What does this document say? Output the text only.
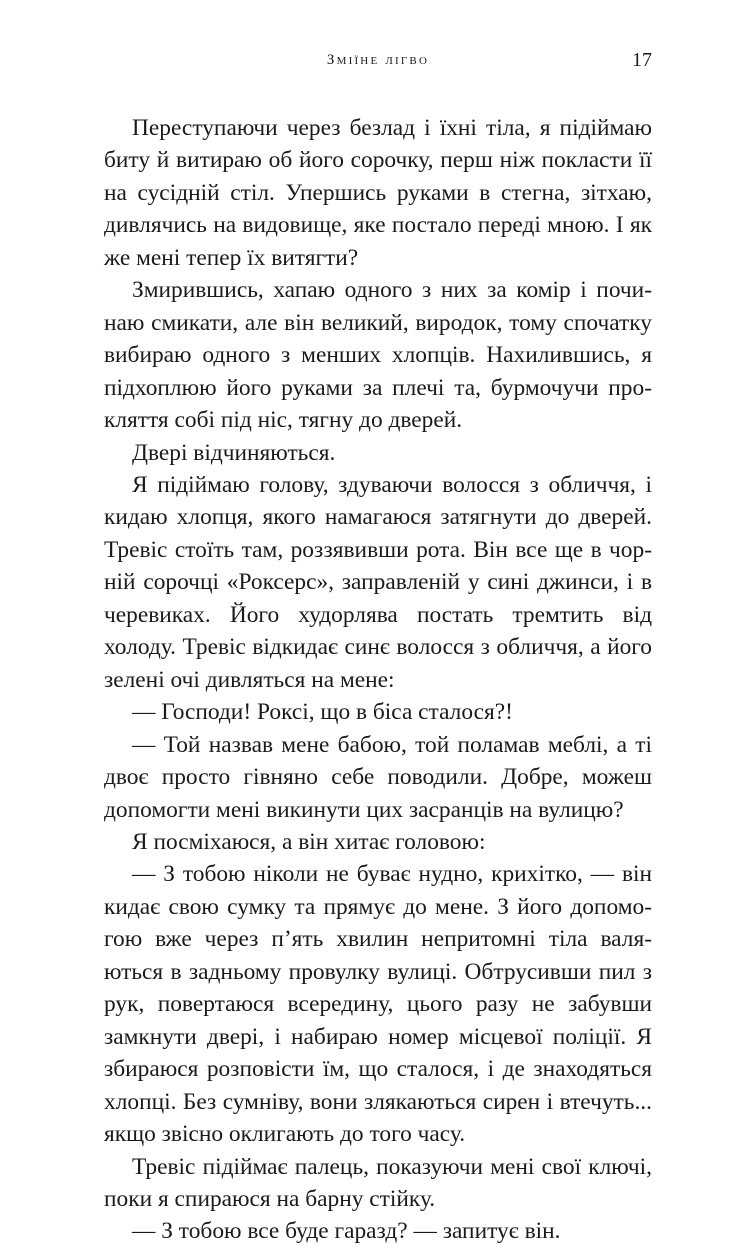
Зміїне лігво	17

Переступаючи через безлад і їхні тіла, я підіймаю биту й витираю об його сорочку, перш ніж покласти її на сусідній стіл. Упершись руками в стегна, зітхаю, дивлячись на видовище, яке постало переді мною. І як же мені тепер їх витягти?

Змирившись, хапаю одного з них за комір і починаю смикати, але він великий, виродок, тому спочатку вибираю одного з менших хлопців. Нахилившись, я підхоплюю його руками за плечі та, бурмочучи прокляття собі під ніс, тягну до дверей.

Двері відчиняються.

Я підіймаю голову, здуваючи волосся з обличчя, і кидаю хлопця, якого намагаюся затягнути до дверей. Тревіс стоїть там, роззявивши рота. Він все ще в чорній сорочці «Роксерс», заправленій у сині джинси, і в черевиках. Його худорлява постать тремтить від холоду. Тревіс відкидає синє волосся з обличчя, а його зелені очі дивляться на мене:

— Господи! Роксі, що в біса сталося?!

— Той назвав мене бабою, той поламав меблі, а ті двоє просто гівняно себе поводили. Добре, можеш допомогти мені викинути цих засранців на вулицю?

Я посміхаюся, а він хитає головою:

— З тобою ніколи не буває нудно, крихітко, — він кидає свою сумку та прямує до мене. З його допомогою вже через п’ять хвилин непритомні тіла валяються в задньому провулку вулиці. Обтрусивши пил з рук, повертаюся всередину, цього разу не забувши замкнути двері, і набираю номер місцевої поліції. Я збираюся розповісти їм, що сталося, і де знаходяться хлопці. Без сумніву, вони злякаються сирен і втечуть... якщо звісно оклигають до того часу.

Тревіс підіймає палець, показуючи мені свої ключі, поки я спираюся на барну стійку.

— З тобою все буде гаразд? — запитує він.
